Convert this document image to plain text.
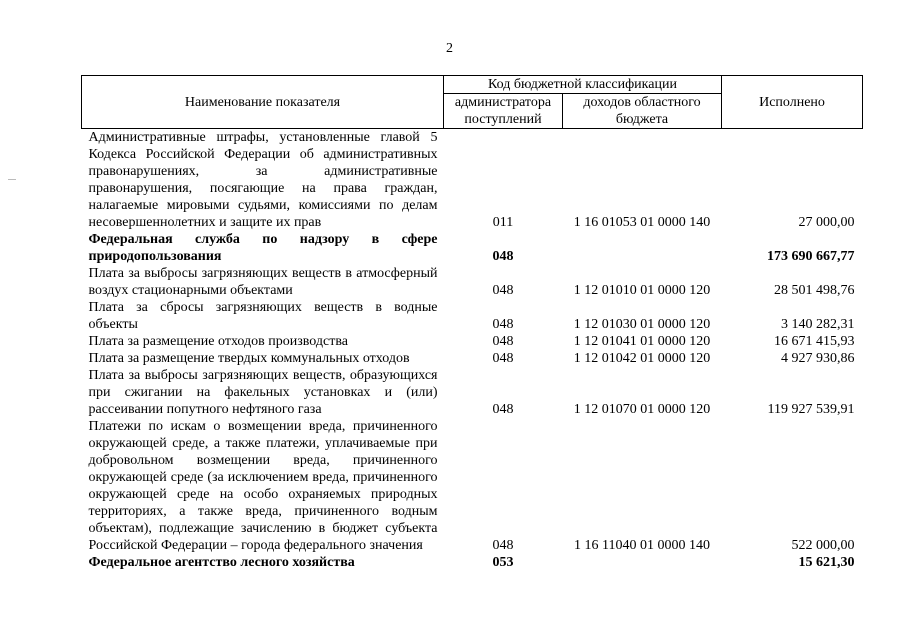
2
Наименование показателя	Код бюджетной классификации		Исполнено
	администратора поступлений	доходов областного бюджета	
Административные штрафы, установленные главой 5 Кодекса Российской Федерации об административных правонарушениях, за административные правонарушения, посягающие на права граждан, налагаемые мировыми судьями, комиссиями по делам несовершеннолетних и защите их прав	011	1 16 01053 01 0000 140	27 000,00
Федеральная служба по надзору в сфере природопользования	048		173 690 667,77
Плата за выбросы загрязняющих веществ в атмосферный воздух стационарными объектами	048	1 12 01010 01 0000 120	28 501 498,76
Плата за сбросы загрязняющих веществ в водные объекты	048	1 12 01030 01 0000 120	3 140 282,31
Плата за размещение отходов производства	048	1 12 01041 01 0000 120	16 671 415,93
Плата за размещение твердых коммунальных отходов	048	1 12 01042 01 0000 120	4 927 930,86
Плата за выбросы загрязняющих веществ, образующихся при сжигании на факельных установках и (или) рассеивании попутного нефтяного газа	048	1 12 01070 01 0000 120	119 927 539,91
Платежи по искам о возмещении вреда, причиненного окружающей среде, а также платежи, уплачиваемые при добровольном возмещении вреда, причиненного окружающей среде (за исключением вреда, причиненного окружающей среде на особо охраняемых природных территориях, а также вреда, причиненного водным объектам), подлежащие зачислению в бюджет субъекта Российской Федерации – города федерального значения	048	1 16 11040 01 0000 140	522 000,00
Федеральное агентство лесного хозяйства	053		15 621,30
